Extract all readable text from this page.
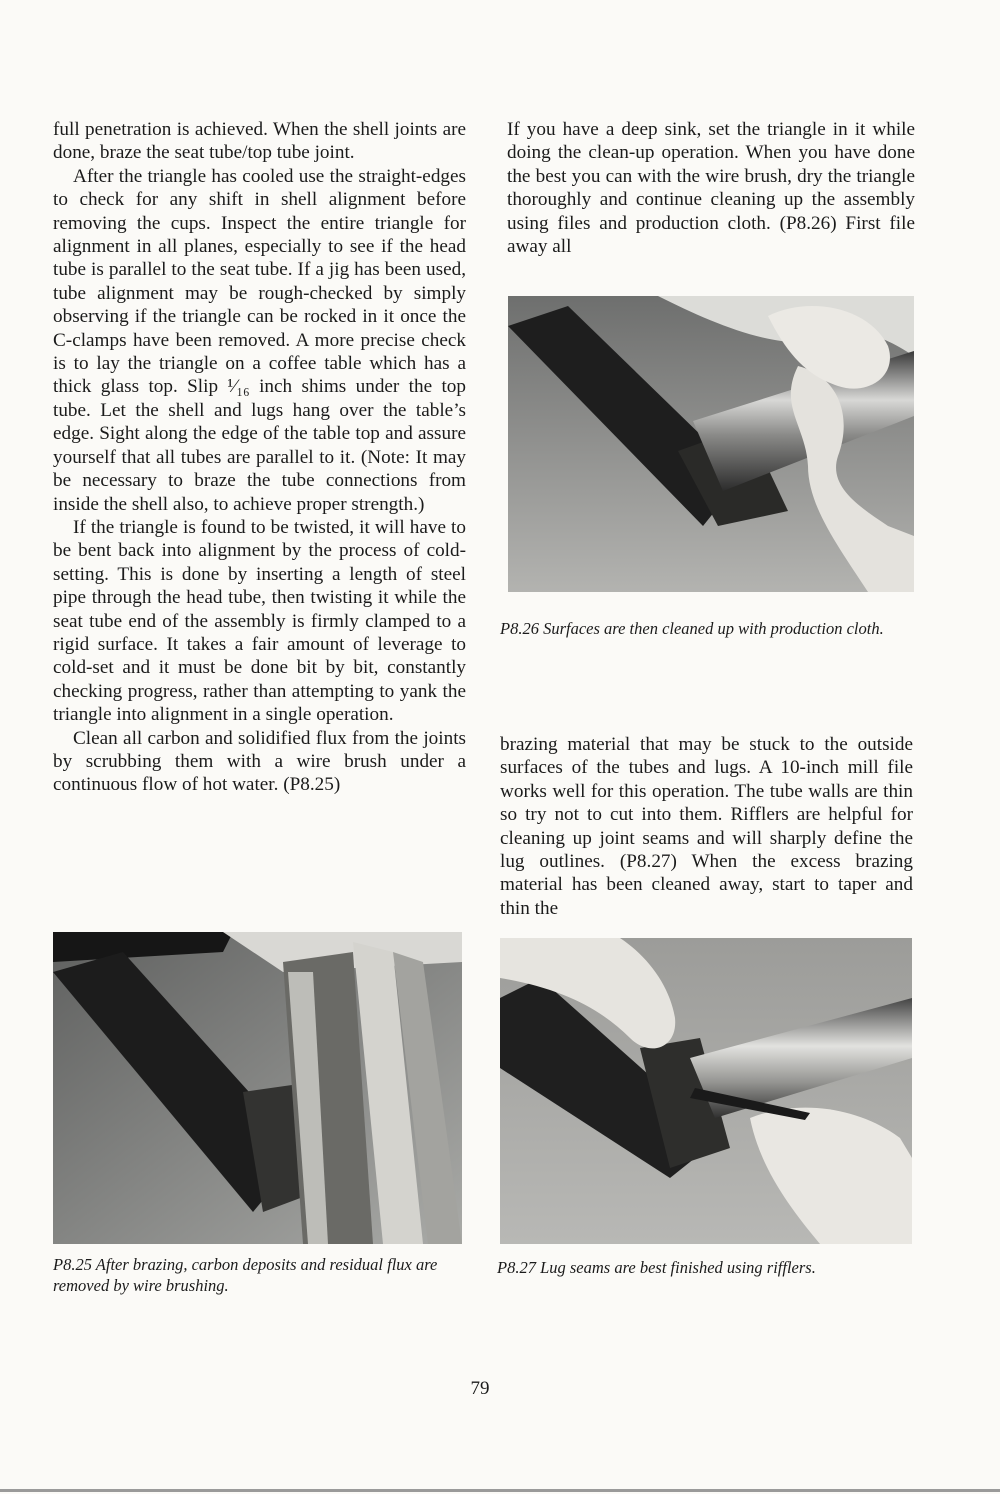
full penetration is achieved. When the shell joints are done, braze the seat tube/top tube joint.

After the triangle has cooled use the straight-edges to check for any shift in shell alignment before removing the cups. Inspect the entire triangle for alignment in all planes, especially to see if the head tube is parallel to the seat tube. If a jig has been used, tube alignment may be rough-checked by simply observing if the triangle can be rocked in it once the C-clamps have been removed. A more precise check is to lay the triangle on a coffee table which has a thick glass top. Slip ¹⁄₁₆ inch shims under the top tube. Let the shell and lugs hang over the table’s edge. Sight along the edge of the table top and assure yourself that all tubes are parallel to it. (Note: It may be necessary to braze the tube connections from inside the shell also, to achieve proper strength.)

If the triangle is found to be twisted, it will have to be bent back into alignment by the process of cold-setting. This is done by inserting a length of steel pipe through the head tube, then twisting it while the seat tube end of the assembly is firmly clamped to a rigid surface. It takes a fair amount of leverage to cold-set and it must be done bit by bit, constantly checking progress, rather than attempting to yank the triangle into alignment in a single operation.

Clean all carbon and solidified flux from the joints by scrubbing them with a wire brush under a continuous flow of hot water. (P8.25)

If you have a deep sink, set the triangle in it while doing the clean-up operation. When you have done the best you can with the wire brush, dry the triangle thoroughly and continue cleaning up the assembly using files and production cloth. (P8.26) First file away all

P8.26 Surfaces are then cleaned up with production cloth.

brazing material that may be stuck to the outside surfaces of the tubes and lugs. A 10-inch mill file works well for this operation. The tube walls are thin so try not to cut into them. Rifflers are helpful for cleaning up joint seams and will sharply define the lug outlines. (P8.27) When the excess brazing material has been cleaned away, start to taper and thin the

P8.25 After brazing, carbon deposits and residual flux are removed by wire brushing.
P8.27 Lug seams are best finished using rifflers.
79
